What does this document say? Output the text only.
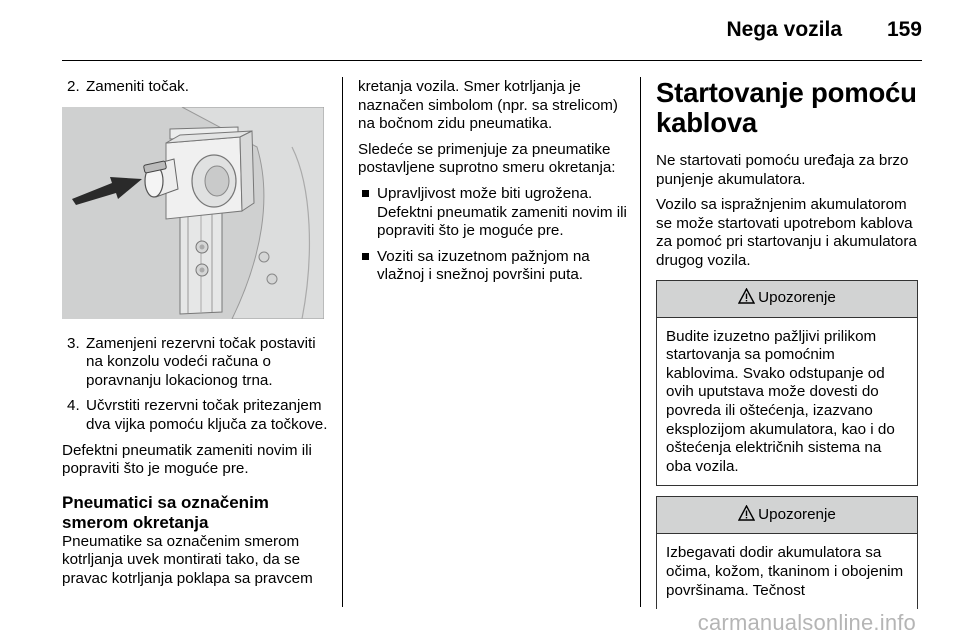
Nega vozila 159
2. Zameniti točak.
3. Zamenjeni rezervni točak postaviti na konzolu vodeći računa o poravnanju lokacionog trna.
4. Učvrstiti rezervni točak pritezanjem dva vijka pomoću ključa za točkove.

Defektni pneumatik zameniti novim ili popraviti što je moguće pre.

Pneumatici sa označenim smerom okretanja

Pneumatike sa označenim smerom kotrljanja uvek montirati tako, da se pravac kotrljanja poklapa sa pravcem

kretanja vozila. Smer kotrljanja je naznačen simbolom (npr. sa strelicom) na bočnom zidu pneumatika.

Sledeće se primenjuje za pneumatike postavljene suprotno smeru okretanja:

Upravljivost može biti ugrožena. Defektni pneumatik zameniti novim ili popraviti što je moguće pre.
Voziti sa izuzetnom pažnjom na vlažnoj i snežnoj površini puta.
Startovanje pomoću kablova

Ne startovati pomoću uređaja za brzo punjenje akumulatora.

Vozilo sa ispražnjenim akumulatorom se može startovati upotrebom kablova za pomoć pri startovanju i akumulatora drugog vozila.

Upozorenje
Budite izuzetno pažljivi prilikom startovanja sa pomoćnim kablovima. Svako odstupanje od ovih uputstava može dovesti do povreda ili oštećenja, izazvano eksplozijom akumulatora, kao i do oštećenja električnih sistema na oba vozila.
Upozorenje
Izbegavati dodir akumulatora sa očima, kožom, tkaninom i obojenim površinama. Tečnost
carmanualsonline.info
